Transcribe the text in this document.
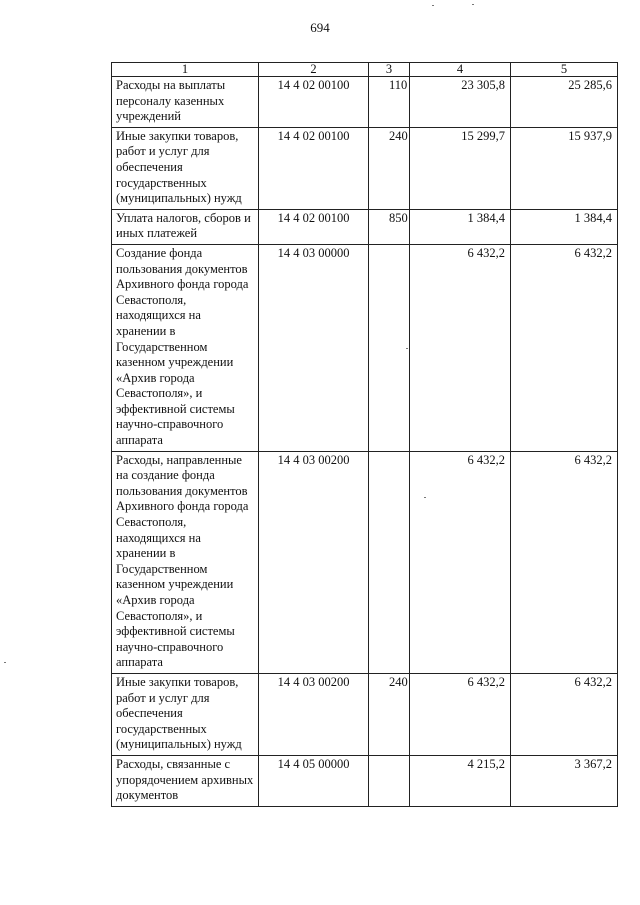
694
1	2	3	4	5
Расходы на выплаты персоналу казенных учреждений	14 4 02 00100	110	23 305,8	25 285,6
Иные закупки товаров, работ и услуг для обеспечения государственных (муниципальных) нужд	14 4 02 00100	240	15 299,7	15 937,9
Уплата налогов, сборов и иных платежей	14 4 02 00100	850	1 384,4	1 384,4
Создание фонда пользования документов Архивного фонда города Севастополя, находящихся на хранении в Государственном казенном учреждении «Архив города Севастополя», и эффективной системы научно-справочного аппарата	14 4 03 00000		6 432,2	6 432,2
Расходы, направленные на создание фонда пользования документов Архивного фонда города Севастополя, находящихся на хранении в Государственном казенном учреждении «Архив города Севастополя», и эффективной системы научно-справочного аппарата	14 4 03 00200		6 432,2	6 432,2
Иные закупки товаров, работ и услуг для обеспечения государственных (муниципальных) нужд	14 4 03 00200	240	6 432,2	6 432,2
Расходы, связанные с упорядочением архивных документов	14 4 05 00000		4 215,2	3 367,2
